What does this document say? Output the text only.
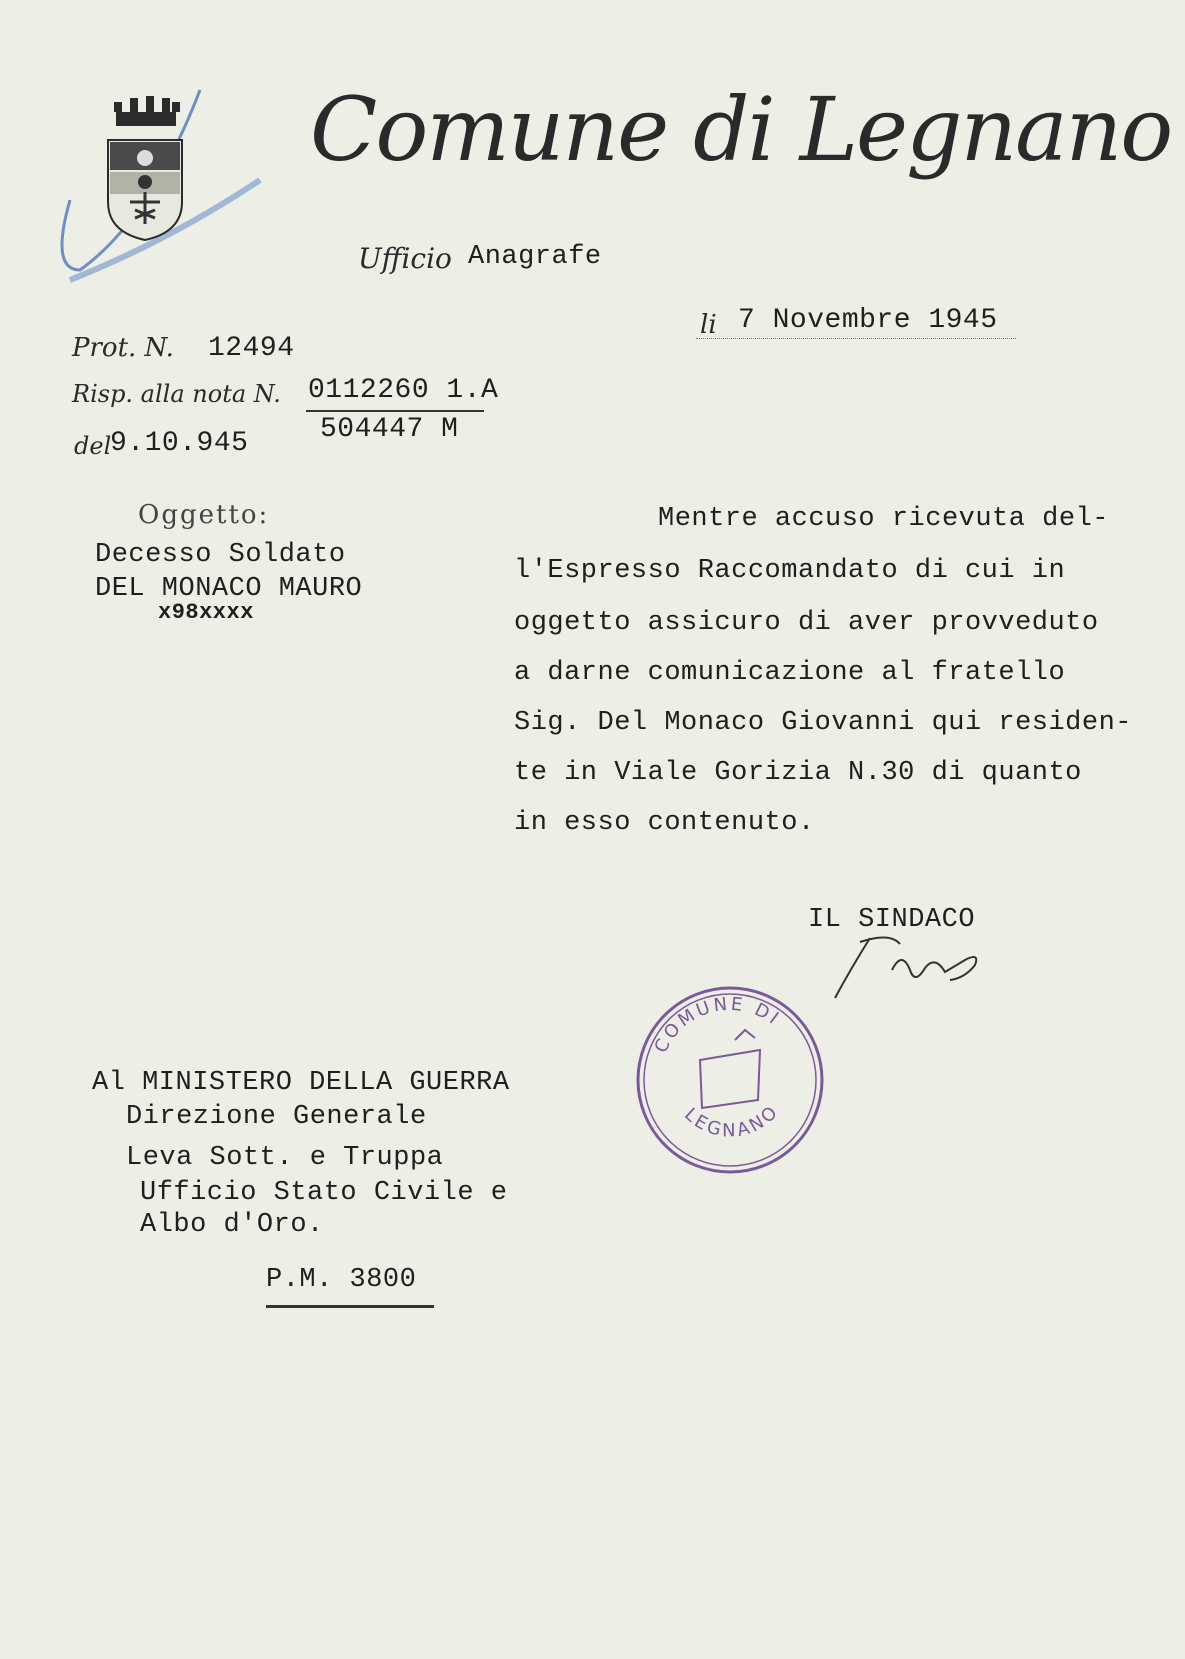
Comune di Legnano
Ufficio Anagrafe
li 7 Novembre 1945
Prot. N. 12494
Risp. alla nota N. 0112260 1.A
504447 M
del
9.10.945
Oggetto:
Decesso Soldato
DEL MONACO MAURO
x98xxxx
Mentre accuso ricevuta del-
l'Espresso Raccomandato di cui in
oggetto assicuro di aver provveduto
a darne comunicazione al fratello
Sig. Del Monaco Giovanni qui residen-
te in Viale Gorizia N.30 di quanto
in esso contenuto.
IL SINDACO
COMUNE DI
LEGNANO
Al MINISTERO DELLA GUERRA
Direzione Generale
Leva Sott. e Truppa
Ufficio Stato Civile e
Albo d'Oro.
P.M. 3800
